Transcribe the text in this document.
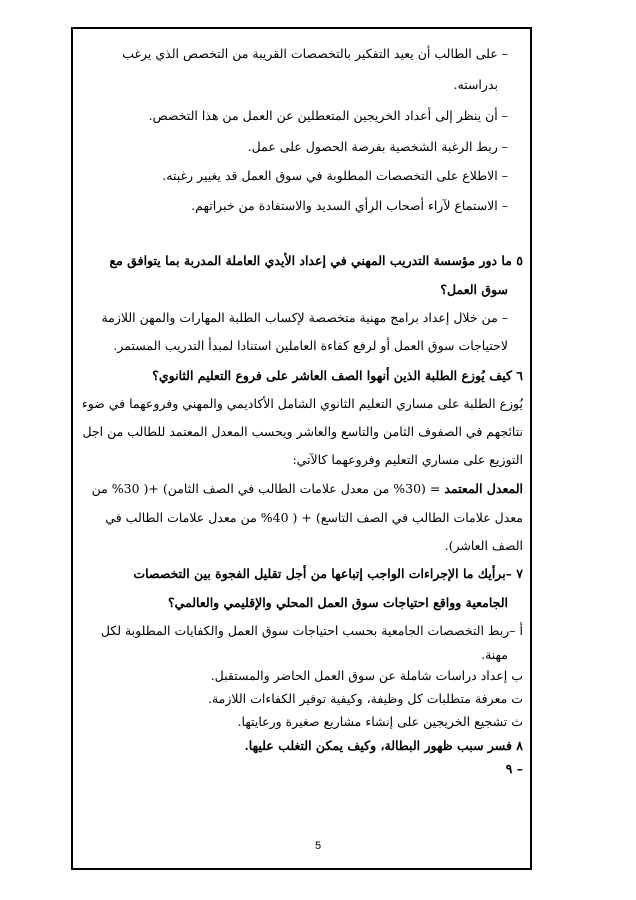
– على الطالب أن يعيد التفكير بالتخصصات القريبة من التخصص الذي يرغب
بدراسته.
– أن ينظر إلى أعداد الخريجين المتعطلين عن العمل من هذا التخصص.
– ربط الرغبة الشخصية بفرصة الحصول على عمل.
– الاطلاع على التخصصات المطلوبة في سوق العمل قد يغيير رغبته.
– الاستماع لآراء أصحاب الرأي السديد والاستفادة من خبراتهم.
٥ ما دور مؤسسة التدريب المهني في إعداد الأيدي العاملة المدربة بما يتوافق مع
سوق العمل؟
– من خلال إعداد برامج مهنية متخصصة لإكساب الطلبة المهارات والمهن اللازمة
لاحتياجات سوق العمل أو لرفع كفاءة العاملين استنادا لمبدأ التدريب المستمر.
٦ كيف يُوزع الطلبة الذين أنهوا الصف العاشر على فروع التعليم الثانوي؟
يُوزع الطلبة على مساري التعليم الثانوي الشامل الأكاديمي والمهني وفروعهما في ضوء
نتائجهم في الصفوف الثامن والتاسع والعاشر ويحسب المعدل المعتمد للطالب من اجل
التوزيع على مساري التعليم وفروعهما كالآتي:
المعدل المعتمد = (30% من معدل علامات الطالب في الصف الثامن) +( 30% من
معدل علامات الطالب في الصف التاسع) + ( 40% من معدل علامات الطالب في
الصف العاشر).
٧ –برأيك ما الإجراءات الواجب إتباعها من أجل تقليل الفجوة بين التخصصات
الجامعية وواقع احتياجات سوق العمل المحلي والإقليمي والعالمي؟
أ –ربط التخصصات الجامعية بحسب احتياجات سوق العمل والكفايات المطلوبة لكل
مهنة.
ب إعداد دراسات شاملة عن سوق العمل الحاضر والمستقبل.
ت معرفة متطلبات كل وظيفة، وكيفية توفير الكفاءات اللازمة.
ث تشجيع الخريجين على إنشاء مشاريع صغيرة ورعايتها.
٨ فسر سبب ظهور البطالة، وكيف يمكن التغلب عليها.
٩ –
5
